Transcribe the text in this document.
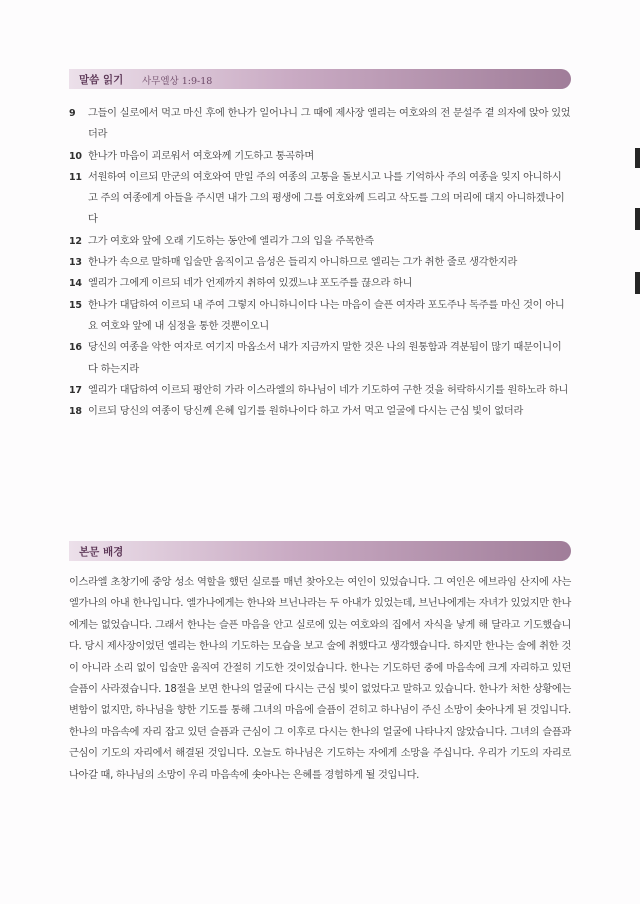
말씀 읽기 사무엘상 1:9-18
9 그들이 실로에서 먹고 마신 후에 한나가 일어나니 그 때에 제사장 엘리는 여호와의 전 문설주 곁 의자에 앉아 있었더라
10 한나가 마음이 괴로워서 여호와께 기도하고 통곡하며
11 서원하여 이르되 만군의 여호와여 만일 주의 여종의 고통을 돌보시고 나를 기억하사 주의 여종을 잊지 아니하시고 주의 여종에게 아들을 주시면 내가 그의 평생에 그를 여호와께 드리고 삭도를 그의 머리에 대지 아니하겠나이다
12 그가 여호와 앞에 오래 기도하는 동안에 엘리가 그의 입을 주목한즉
13 한나가 속으로 말하매 입술만 움직이고 음성은 들리지 아니하므로 엘리는 그가 취한 줄로 생각한지라
14 엘리가 그에게 이르되 네가 언제까지 취하여 있겠느냐 포도주를 끊으라 하니
15 한나가 대답하여 이르되 내 주여 그렇지 아니하니이다 나는 마음이 슬픈 여자라 포도주나 독주를 마신 것이 아니요 여호와 앞에 내 심정을 통한 것뿐이오니
16 당신의 여종을 악한 여자로 여기지 마옵소서 내가 지금까지 말한 것은 나의 원통함과 격분됨이 많기 때문이니이다 하는지라
17 엘리가 대답하여 이르되 평안히 가라 이스라엘의 하나님이 네가 기도하여 구한 것을 허락하시기를 원하노라 하니
18 이르되 당신의 여종이 당신께 은혜 입기를 원하나이다 하고 가서 먹고 얼굴에 다시는 근심 빛이 없더라
본문 배경
이스라엘 초창기에 중앙 성소 역할을 했던 실로를 매년 찾아오는 여인이 있었습니다. 그 여인은 에브라임 산지에 사는 엘가나의 아내 한나입니다. 엘가나에게는 한나와 브닌나라는 두 아내가 있었는데, 브닌나에게는 자녀가 있었지만 한나에게는 없었습니다. 그래서 한나는 슬픈 마음을 안고 실로에 있는 여호와의 집에서 자식을 낳게 해 달라고 기도했습니다. 당시 제사장이었던 엘리는 한나의 기도하는 모습을 보고 술에 취했다고 생각했습니다. 하지만 한나는 술에 취한 것이 아니라 소리 없이 입술만 움직여 간절히 기도한 것이었습니다. 한나는 기도하던 중에 마음속에 크게 자리하고 있던 슬픔이 사라졌습니다. 18절을 보면 한나의 얼굴에 다시는 근심 빛이 없었다고 말하고 있습니다. 한나가 처한 상황에는 변함이 없지만, 하나님을 향한 기도를 통해 그녀의 마음에 슬픔이 걷히고 하나님이 주신 소망이 솟아나게 된 것입니다. 한나의 마음속에 자리 잡고 있던 슬픔과 근심이 그 이후로 다시는 한나의 얼굴에 나타나지 않았습니다. 그녀의 슬픔과 근심이 기도의 자리에서 해결된 것입니다. 오늘도 하나님은 기도하는 자에게 소망을 주십니다. 우리가 기도의 자리로 나아갈 때, 하나님의 소망이 우리 마음속에 솟아나는 은혜를 경험하게 될 것입니다.
